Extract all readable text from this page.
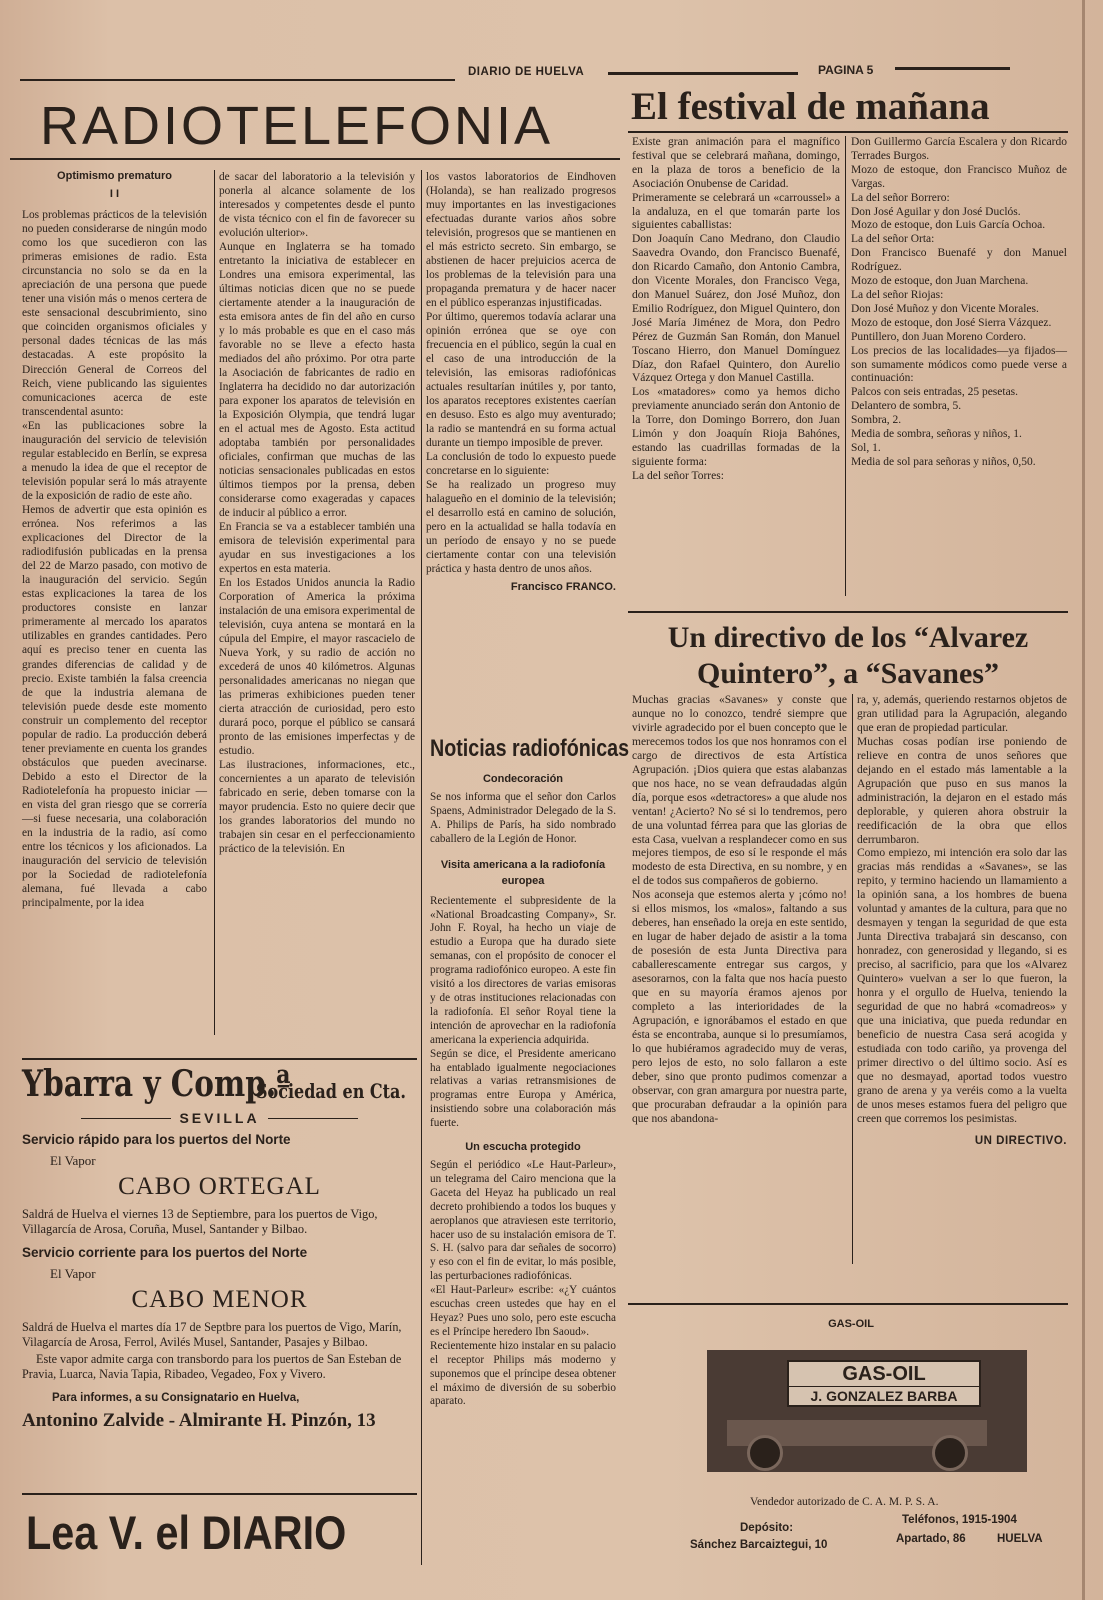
DIARIO DE HUELVA	PAGINA 5
RADIOTELEFONIA

Optimismo prematuro

I I

Los problemas prácticos de la televisión no pueden considerarse de ningún modo como los que sucedieron con las primeras emisiones de radio. Esta circunstancia no solo se da en la apreciación de una persona que puede tener una visión más o menos certera de este sensacional descubrimiento, sino que coinciden organismos oficiales y personal dades técnicas de las más destacadas. A este propósito la Dirección General de Correos del Reich, viene publicando las siguientes comunicaciones acerca de este transcendental asunto:
«En las publicaciones sobre la inauguración del servicio de televisión regular establecido en Berlín, se expresa a menudo la idea de que el receptor de televisión popular será lo más atrayente de la exposición de radio de este año.
Hemos de advertir que esta opinión es errónea. Nos referimos a las explicaciones del Director de la radiodifusión publicadas en la prensa del 22 de Marzo pasado, con motivo de la inauguración del servicio. Según estas explicaciones la tarea de los productores consiste en lanzar primeramente al mercado los aparatos utilizables en grandes cantidades. Pero aquí es preciso tener en cuenta las grandes diferencias de calidad y de precio. Existe también la falsa creencia de que la industria alemana de televisión puede desde este momento construir un complemento del receptor popular de radio. La producción deberá tener previamente en cuenta los grandes obstáculos que pueden avecinarse. Debido a esto el Director de la Radiotelefonía ha propuesto iniciar — en vista del gran riesgo que se correría—si fuese necesaria, una colaboración en la industria de la radio, así como entre los técnicos y los aficionados. La inauguración del servicio de televisión por la Sociedad de radiotelefonía alemana, fué llevada a cabo principalmente, por la idea

de sacar del laboratorio a la televisión y ponerla al alcance solamente de los interesados y competentes desde el punto de vista técnico con el fin de favorecer su evolución ulterior».
Aunque en Inglaterra se ha tomado entretanto la iniciativa de establecer en Londres una emisora experimental, las últimas noticias dicen que no se puede ciertamente atender a la inauguración de esta emisora antes de fin del año en curso y lo más probable es que en el caso más favorable no se lleve a efecto hasta mediados del año próximo. Por otra parte la Asociación de fabricantes de radio en Inglaterra ha decidido no dar autorización para exponer los aparatos de televisión en la Exposición Olympia, que tendrá lugar en el actual mes de Agosto. Esta actitud adoptaba también por personalidades oficiales, confirman que muchas de las noticias sensacionales publicadas en estos últimos tiempos por la prensa, deben considerarse como exageradas y capaces de inducir al público a error.
En Francia se va a establecer también una emisora de televisión experimental para ayudar en sus investigaciones a los expertos en esta materia.
En los Estados Unidos anuncia la Radio Corporation of America la próxima instalación de una emisora experimental de televisión, cuya antena se montará en la cúpula del Empire, el mayor rascacielo de Nueva York, y su radio de acción no excederá de unos 40 kilómetros. Algunas personalidades americanas no niegan que las primeras exhibiciones pueden tener cierta atracción de curiosidad, pero esto durará poco, porque el público se cansará pronto de las emisiones imperfectas y de estudio.
Las ilustraciones, informaciones, etc., concernientes a un aparato de televisión fabricado en serie, deben tomarse con la mayor prudencia. Esto no quiere decir que los grandes laboratorios del mundo no trabajen sin cesar en el perfeccionamiento práctico de la televisión. En

los vastos laboratorios de Eindhoven (Holanda), se han realizado progresos muy importantes en las investigaciones efectuadas durante varios años sobre televisión, progresos que se mantienen en el más estricto secreto. Sin embargo, se abstienen de hacer prejuicios acerca de los problemas de la televisión para una propaganda prematura y de hacer nacer en el público esperanzas injustificadas.
Por último, queremos todavía aclarar una opinión errónea que se oye con frecuencia en el público, según la cual en el caso de una introducción de la televisión, las emisoras radiofónicas actuales resultarían inútiles y, por tanto, los aparatos receptores existentes caerían en desuso. Esto es algo muy aventurado; la radio se mantendrá en su forma actual durante un tiempo imposible de prever.
La conclusión de todo lo expuesto puede concretarse en lo siguiente:
Se ha realizado un progreso muy halagueño en el dominio de la televisión; el desarrollo está en camino de solución, pero en la actualidad se halla todavía en un período de ensayo y no se puede ciertamente contar con una televisión práctica y hasta dentro de unos años.

Francisco FRANCO.

Noticias radiofónicas

Condecoración

Se nos informa que el señor don Carlos Spaens, Administrador Delegado de la S. A. Philips de París, ha sido nombrado caballero de la Legión de Honor.

Visita americana a la radiofonía europea

Recientemente el subpresidente de la «National Broadcasting Company», Sr. John F. Royal, ha hecho un viaje de estudio a Europa que ha durado siete semanas, con el propósito de conocer el programa radiofónico europeo. A este fin visitó a los directores de varias emisoras y de otras instituciones relacionadas con la radiofonía. El señor Royal tiene la intención de aprovechar en la radiofonía americana la experiencia adquirida.
Según se dice, el Presidente americano ha entablado igualmente negociaciones relativas a varias retransmisiones de programas entre Europa y América, insistiendo sobre una colaboración más fuerte.

Un escucha protegido

Según el periódico «Le Haut-Parleur», un telegrama del Cairo menciona que la Gaceta del Heyaz ha publicado un real decreto prohibiendo a todos los buques y aeroplanos que atraviesen este territorio, hacer uso de su instalación emisora de T. S. H. (salvo para dar señales de socorro) y eso con el fin de evitar, lo más posible, las perturbaciones radiofónicas.
«El Haut-Parleur» escribe: «¿Y cuántos escuchas creen ustedes que hay en el Heyaz? Pues uno solo, pero este escucha es el Príncipe heredero Ibn Saoud».
Recientemente hizo instalar en su palacio el receptor Philips más moderno y suponemos que el príncipe desea obtener el máximo de diversión de su soberbio aparato.

Ybarra y Comp.ª
Sociedad en Cta.
SEVILLA

Servicio rápido para los puertos del Norte

El Vapor

CABO ORTEGAL

Saldrá de Huelva el viernes 13 de Septiembre, para los puertos de Vigo, Villagarcía de Arosa, Coruña, Musel, Santander y Bilbao.

Servicio corriente para los puertos del Norte

El Vapor

CABO MENOR

Saldrá de Huelva el martes día 17 de Septbre para los puertos de Vigo, Marín, Vilagarcía de Arosa, Ferrol, Avilés Musel, Santander, Pasajes y Bilbao.

Este vapor admite carga con transbordo para los puertos de San Esteban de Pravia, Luarca, Navia Tapia, Ribadeo, Vegadeo, Fox y Vivero.

Para informes, a su Consignatario en Huelva,

Antonino Zalvide - Almirante H. Pinzón, 13

Lea V. el DIARIO
El festival de mañana

Existe gran animación para el magnífico festival que se celebrará mañana, domingo, en la plaza de toros a beneficio de la Asociación Onubense de Caridad.
Primeramente se celebrará un «carroussel» a la andaluza, en el que tomarán parte los siguientes caballistas:
Don Joaquín Cano Medrano, don Claudio Saavedra Ovando, don Francisco Buenafé, don Ricardo Camaño, don Antonio Cambra, don Vicente Morales, don Francisco Vega, don Manuel Suárez, don José Muñoz, don Emilio Rodríguez, don Miguel Quintero, don José María Jiménez de Mora, don Pedro Pérez de Guzmán San Román, don Manuel Toscano Hierro, don Manuel Domínguez Díaz, don Rafael Quintero, don Aurelio Vázquez Ortega y don Manuel Castilla.
Los «matadores» como ya hemos dicho previamente anunciado serán don Antonio de la Torre, don Domingo Borrero, don Juan Limón y don Joaquín Rioja Bahónes, estando las cuadrillas formadas de la siguiente forma:
La del señor Torres:

Don Guillermo García Escalera y don Ricardo Terrades Burgos.
Mozo de estoque, don Francisco Muñoz de Vargas.
La del señor Borrero:
Don José Aguilar y don José Duclós.
Mozo de estoque, don Luis García Ochoa.
La del señor Orta:
Don Francisco Buenafé y don Manuel Rodríguez.
Mozo de estoque, don Juan Marchena.
La del señor Riojas:
Don José Muñoz y don Vicente Morales.
Mozo de estoque, don José Sierra Vázquez.
Puntillero, don Juan Moreno Cordero.
Los precios de las localidades—ya fijados—son sumamente módicos como puede verse a continuación:
Palcos con seis entradas, 25 pesetas.
Delantero de sombra, 5.
Sombra, 2.
Media de sombra, señoras y niños, 1.
Sol, 1.
Media de sol para señoras y niños, 0,50.

Un directivo de los “Alvarez Quintero”, a “Savanes”

Muchas gracias «Savanes» y conste que aunque no lo conozco, tendré siempre que vivirle agradecido por el buen concepto que le merecemos todos los que nos honramos con el cargo de directivos de esta Artística Agrupación. ¡Dios quiera que estas alabanzas que nos hace, no se vean defraudadas algún día, porque esos «detractores» a que alude nos ventan! ¿Acierto? No sé si lo tendremos, pero de una voluntad férrea para que las glorias de esta Casa, vuelvan a resplandecer como en sus mejores tiempos, de eso sí le responde el más modesto de esta Directiva, en su nombre, y en el de todos sus compañeros de gobierno.
Nos aconseja que estemos alerta y ¡cómo no! si ellos mismos, los «malos», faltando a sus deberes, han enseñado la oreja en este sentido, en lugar de haber dejado de asistir a la toma de posesión de esta Junta Directiva para caballerescamente entregar sus cargos, y asesorarnos, con la falta que nos hacía puesto que en su mayoría éramos ajenos por completo a las interioridades de la Agrupación, e ignorábamos el estado en que ésta se encontraba, aunque si lo presumíamos, lo que hubiéramos agradecido muy de veras, pero lejos de esto, no solo fallaron a este deber, sino que pronto pudimos comenzar a observar, con gran amargura por nuestra parte, que procuraban defraudar a la opinión para que nos abandona-

ra, y, además, queriendo restarnos objetos de gran utilidad para la Agrupación, alegando que eran de propiedad particular.
Muchas cosas podían irse poniendo de relieve en contra de unos señores que dejando en el estado más lamentable a la Agrupación que puso en sus manos la administración, la dejaron en el estado más deplorable, y quieren ahora obstruir la reedificación de la obra que ellos derrumbaron.
Como empiezo, mi intención era solo dar las gracias más rendidas a «Savanes», se las repito, y termino haciendo un llamamiento a la opinión sana, a los hombres de buena voluntad y amantes de la cultura, para que no desmayen y tengan la seguridad de que esta Junta Directiva trabajará sin descanso, con honradez, con generosidad y llegando, si es preciso, al sacrificio, para que los «Alvarez Quintero» vuelvan a ser lo que fueron, la honra y el orgullo de Huelva, teniendo la seguridad de que no habrá «comadreos» y que una iniciativa, que pueda redundar en beneficio de nuestra Casa será acogida y estudiada con todo cariño, ya provenga del primer directivo o del último socio. Así es que no desmayad, aportad todos vuestro grano de arena y ya veréis como a la vuelta de unos meses estamos fuera del peligro que creen que corremos los pesimistas.

UN DIRECTIVO.

GAS-OIL
GAS-OIL
J. GONZALEZ BARBA
Vendedor autorizado de C. A. M. P. S. A.
Depósito:
Sánchez Barcaiztegui, 10
Teléfonos, 1915-1904
Apartado, 86	HUELVA
